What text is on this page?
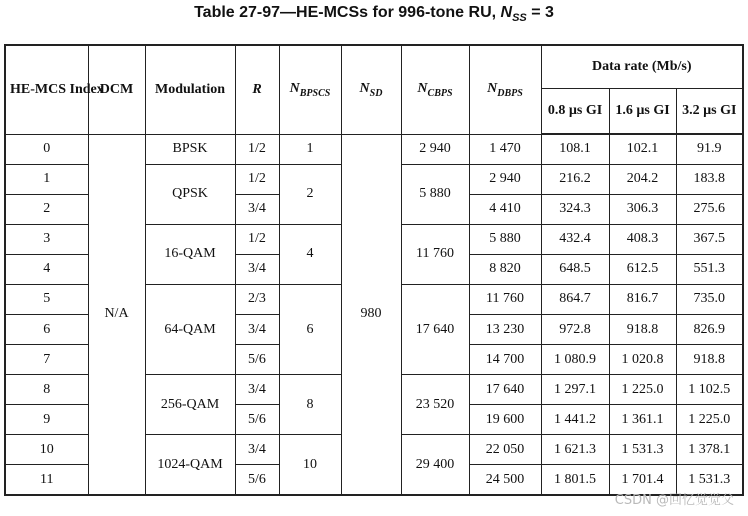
Table 27-97—HE-MCSs for 996-tone RU, $N_{SS} = 3$
HE-MCS Index	DCM	Modulation	R	$N_{BPSCS}$	$N_{SD}$	$N_{CBPS}$	$N_{DBPS}$	Data rate (Mb/s)		
								0.8 µs GI	1.6 µs GI	3.2 µs GI
0	N/A	BPSK	1/2	1	980	2 940	1 470	108.1	102.1	91.9
1		QPSK	1/2	2		5 880	2 940	216.2	204.2	183.8
2			3/4				4 410	324.3	306.3	275.6
3		16-QAM	1/2	4		11 760	5 880	432.4	408.3	367.5
4			3/4				8 820	648.5	612.5	551.3
5		64-QAM	2/3	6		17 640	11 760	864.7	816.7	735.0
6			3/4				13 230	972.8	918.8	826.9
7			5/6				14 700	1 080.9	1 020.8	918.8
8		256-QAM	3/4	8		23 520	17 640	1 297.1	1 225.0	1 102.5
9			5/6				19 600	1 441.2	1 361.1	1 225.0
10		1024-QAM	3/4	10		29 400	22 050	1 621.3	1 531.3	1 378.1
11			5/6				24 500	1 801.5	1 701.4	1 531.3
CSDN @回忆觉觉父
